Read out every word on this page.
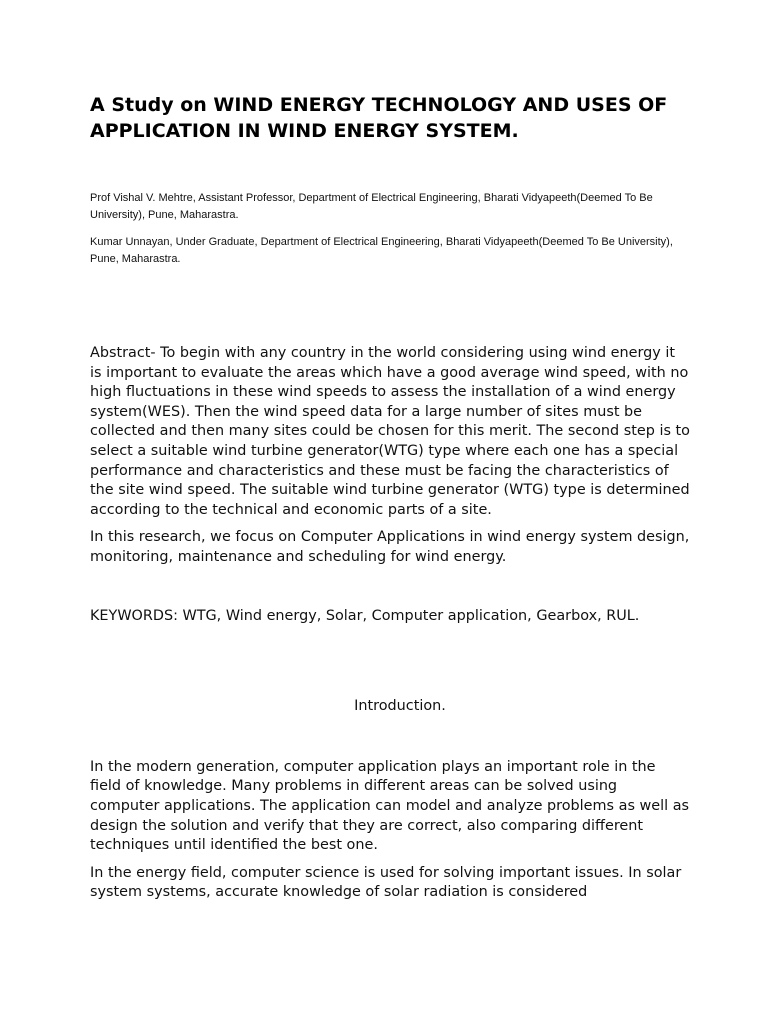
A Study on WIND ENERGY TECHNOLOGY AND USES OF APPLICATION IN WIND ENERGY SYSTEM.

Prof Vishal V. Mehtre, Assistant Professor, Department of Electrical Engineering, Bharati Vidyapeeth(Deemed To Be University), Pune, Maharastra.

Kumar Unnayan, Under Graduate, Department of Electrical Engineering, Bharati Vidyapeeth(Deemed To Be University), Pune, Maharastra.

Abstract- To begin with any country in the world considering using wind energy it is important to evaluate the areas which have a good average wind speed, with no high fluctuations in these wind speeds to assess the installation of a wind energy system(WES). Then the wind speed data for a large number of sites must be collected and then many sites could be chosen for this merit. The second step is to select a suitable wind turbine generator(WTG) type where each one has a special performance and characteristics and these must be facing the characteristics of the site wind speed. The suitable wind turbine generator (WTG) type is determined according to the technical and economic parts of a site.

In this research, we focus on Computer Applications in wind energy system design, monitoring, maintenance and scheduling for wind energy.

KEYWORDS: WTG, Wind energy, Solar, Computer application, Gearbox, RUL.

Introduction.

In the modern generation, computer application plays an important role in the field of knowledge. Many problems in different areas can be solved using computer applications. The application can model and analyze problems as well as design the solution and verify that they are correct, also comparing different techniques until identified the best one.

In the energy field, computer science is used for solving important issues. In solar system systems, accurate knowledge of solar radiation is considered
